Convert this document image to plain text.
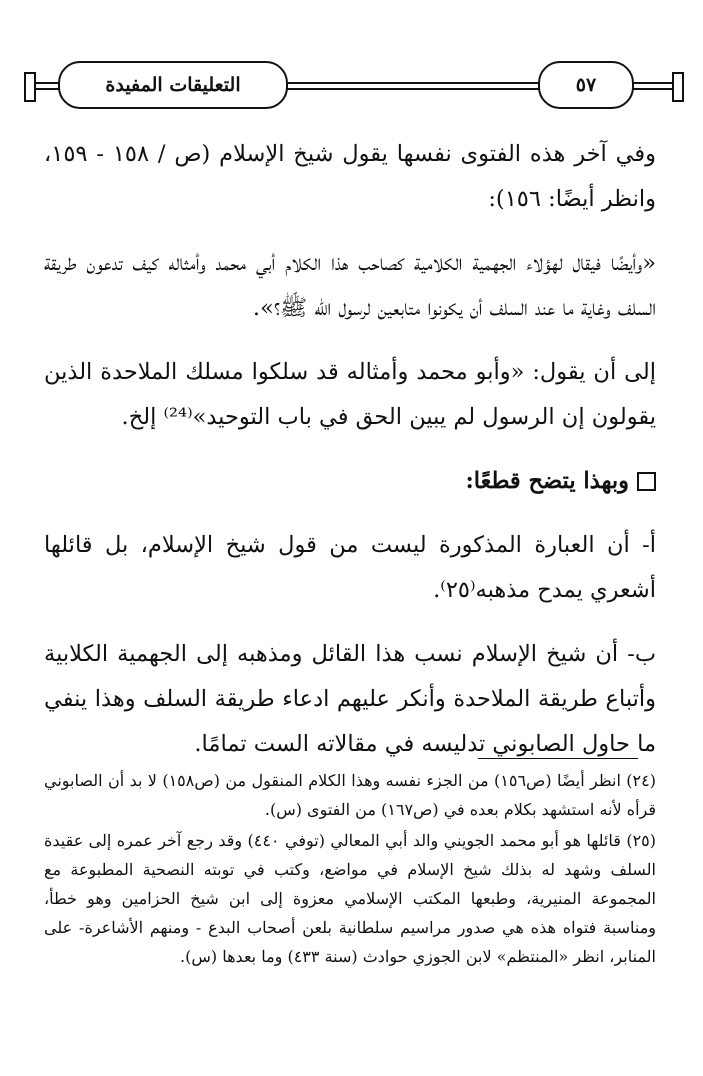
التعليقات المفيدة	٥٧

وفي آخر هذه الفتوى نفسها يقول شيخ الإسلام (ص / ١٥٨ - ١٥٩، وانظر أيضًا: ١٥٦):

«وأيضًا فيقال لهؤلاء الجهمية الكلامية كصاحب هذا الكلام أبي محمد وأمثاله كيف تدعون طريقة السلف وغاية ما عند السلف أن يكونوا متابعين لرسول الله ﷺ؟».

إلى أن يقول: «وأبو محمد وأمثاله قد سلكوا مسلك الملاحدة الذين يقولون إن الرسول لم يبين الحق في باب التوحيد»⁽²⁴⁾ إلخ.

وبهذا يتضح قطعًا:

أ- أن العبارة المذكورة ليست من قول شيخ الإسلام، بل قائلها أشعري يمدح مذهبه⁽٢٥⁾.

ب- أن شيخ الإسلام نسب هذا القائل ومذهبه إلى الجهمية الكلابية وأتباع طريقة الملاحدة وأنكر عليهم ادعاء طريقة السلف وهذا ينفي ما حاول الصابوني تدليسه في مقالاته الست تمامًا.

(٢٤) انظر أيضًا (ص١٥٦) من الجزء نفسه وهذا الكلام المنقول من (ص١٥٨) لا بد أن الصابوني قرأه لأنه استشهد بكلام بعده في (ص١٦٧) من الفتوى (س).

(٢٥) قائلها هو أبو محمد الجويني والد أبي المعالي (توفي ٤٤٠) وقد رجع آخر عمره إلى عقيدة السلف وشهد له بذلك شيخ الإسلام في مواضع، وكتب في توبته النصحية المطبوعة مع المجموعة المنيرية، وطبعها المكتب الإسلامي معزوة إلى ابن شيخ الحزامين وهو خطأ، ومناسبة فتواه هذه هي صدور مراسيم سلطانية بلعن أصحاب البدع - ومنهم الأشاعرة- على المنابر، انظر «المنتظم» لابن الجوزي حوادث (سنة ٤٣٣) وما بعدها (س).
